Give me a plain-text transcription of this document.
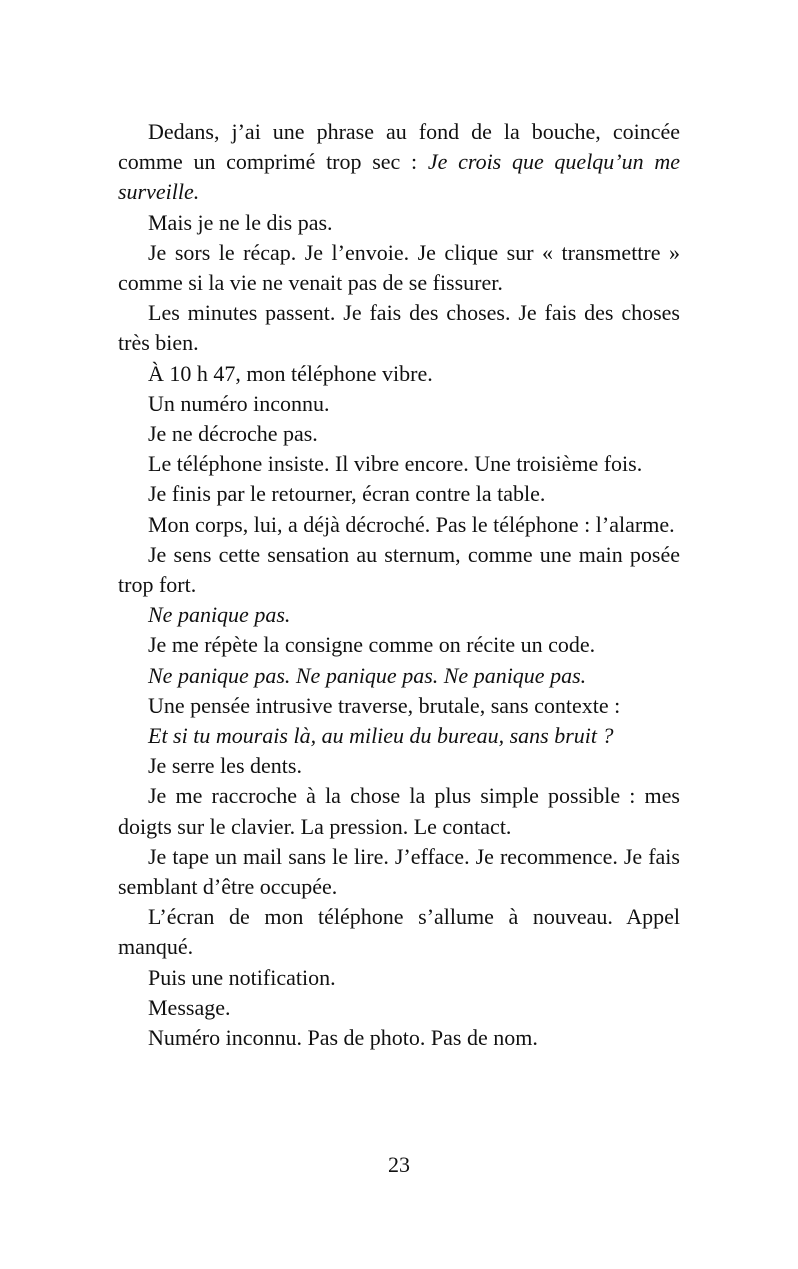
Dedans, j’ai une phrase au fond de la bouche, coincée comme un comprimé trop sec : Je crois que quelqu’un me surveille.

Mais je ne le dis pas.

Je sors le récap. Je l’envoie. Je clique sur « transmettre » comme si la vie ne venait pas de se fissurer.

Les minutes passent. Je fais des choses. Je fais des choses très bien.

À 10 h 47, mon téléphone vibre.

Un numéro inconnu.

Je ne décroche pas.

Le téléphone insiste. Il vibre encore. Une troisième fois.

Je finis par le retourner, écran contre la table.

Mon corps, lui, a déjà décroché. Pas le téléphone : l’alarme.

Je sens cette sensation au sternum, comme une main posée trop fort.

Ne panique pas.

Je me répète la consigne comme on récite un code.

Ne panique pas. Ne panique pas. Ne panique pas.

Une pensée intrusive traverse, brutale, sans contexte :

Et si tu mourais là, au milieu du bureau, sans bruit ?

Je serre les dents.

Je me raccroche à la chose la plus simple possible : mes doigts sur le clavier. La pression. Le contact.

Je tape un mail sans le lire. J’efface. Je recommence. Je fais semblant d’être occupée.

L’écran de mon téléphone s’allume à nouveau. Appel manqué.

Puis une notification.

Message.

Numéro inconnu. Pas de photo. Pas de nom.

23
